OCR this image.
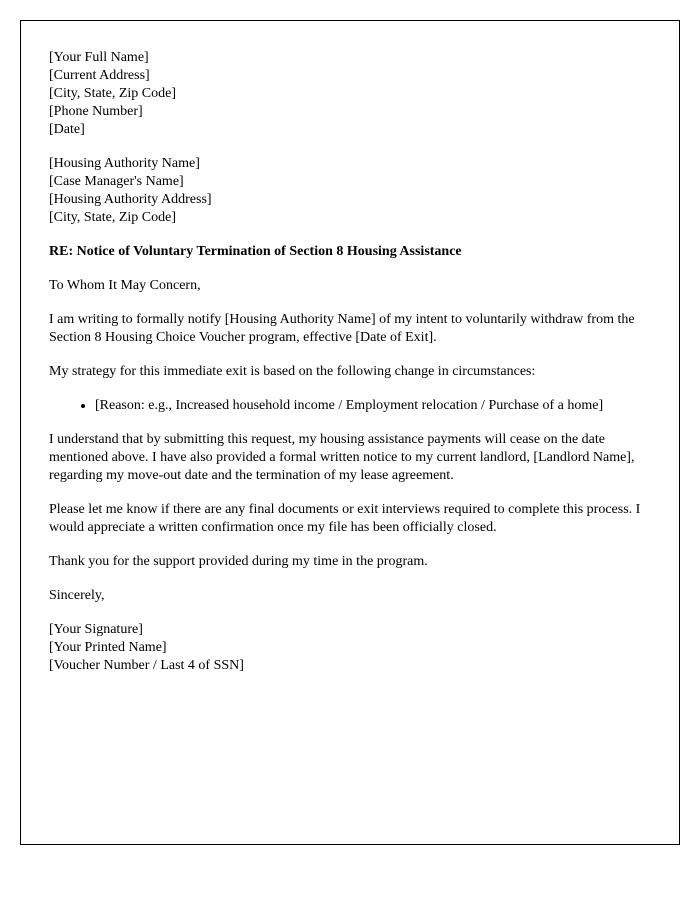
[Your Full Name]
[Current Address]
[City, State, Zip Code]
[Phone Number]
[Date]
[Housing Authority Name]
[Case Manager's Name]
[Housing Authority Address]
[City, State, Zip Code]
RE: Notice of Voluntary Termination of Section 8 Housing Assistance
To Whom It May Concern,
I am writing to formally notify [Housing Authority Name] of my intent to voluntarily withdraw from the Section 8 Housing Choice Voucher program, effective [Date of Exit].
My strategy for this immediate exit is based on the following change in circumstances:
• [Reason: e.g., Increased household income / Employment relocation / Purchase of a home]
I understand that by submitting this request, my housing assistance payments will cease on the date mentioned above. I have also provided a formal written notice to my current landlord, [Landlord Name], regarding my move-out date and the termination of my lease agreement.
Please let me know if there are any final documents or exit interviews required to complete this process. I would appreciate a written confirmation once my file has been officially closed.
Thank you for the support provided during my time in the program.
Sincerely,
[Your Signature]
[Your Printed Name]
[Voucher Number / Last 4 of SSN]
